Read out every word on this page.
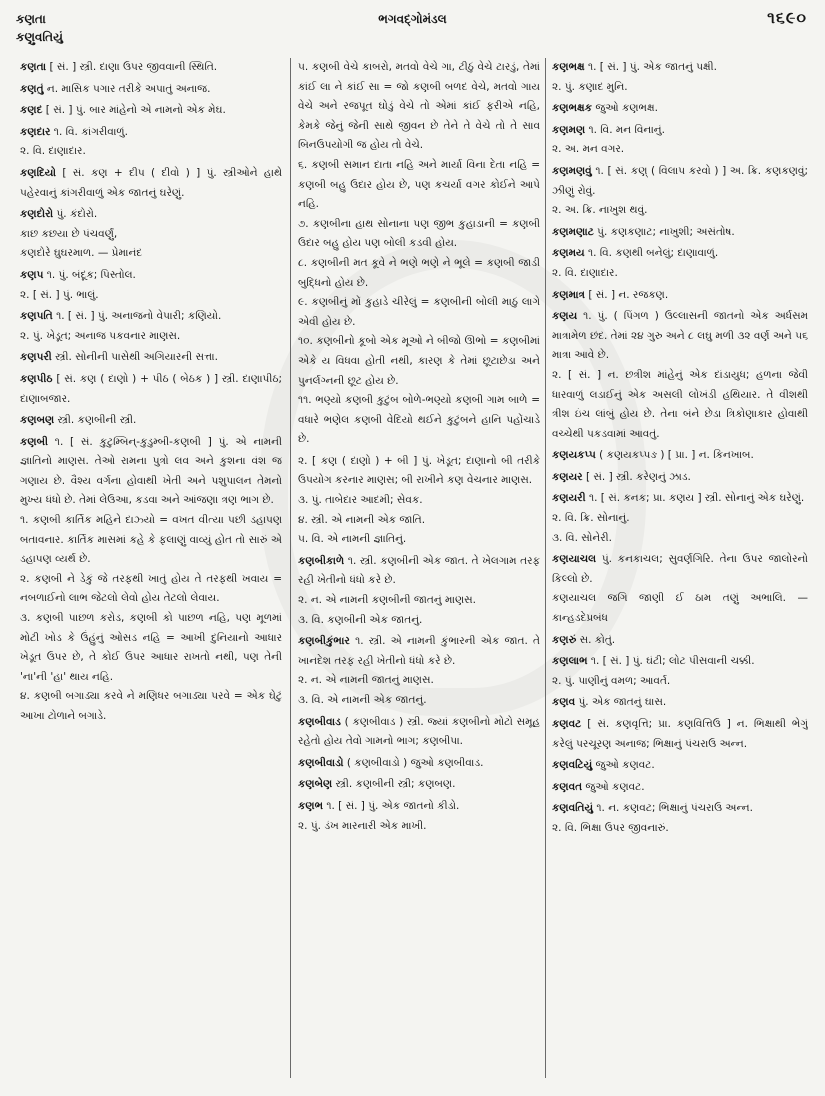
કણતા
કણુવતિયું
ભગવદ્ગોમંડલ	૧૬૯૦

કણતા [ સં. ] સ્ત્રી. દાણા ઉપર જીવવાની સ્થિતિ.

કણતું ન. માસિક પગાર તરીકે અપાતું અનાજ.

કણદ [ સં. ] પું. બાર માંહેનો એ નામનો એક મેઘ.

કણદાર ૧. વિ. કાંગરીવાળું.

૨. વિ. દાણાદાર.

કણદિયો [ સં. કણ + દીપ ( દીવો ) ] પું. સ્ત્રીઓને હાથે પહેરવાનું કાંગરીવાળું એક જાતનું ઘરેણું.

કણદોરો પું. કંદોરો.

કાછ કછયા છે પંચવર્ણું,

કણદોરે ઘુઘરમાળ. — પ્રેમાનંદ

કણપ ૧. પું. બંદૂક; પિસ્તોલ.

૨. [ સં. ] પું. ભાલું.

કણપતિ ૧. [ સં. ] પું. અનાજનો વેપારી; કણિયો.

૨. પું. ખેડૂત; અનાજ પકવનાર માણસ.

કણપરી સ્ત્રી. સોનીની પાસેથી અગિયારની સત્તા.

કણપીઠ [ સં. કણ ( દાણો ) + પીઠ ( બેઠક ) ] સ્ત્રી. દાણાપીઠ; દાણાબજાર.

કણબણ સ્ત્રી. કણબીની સ્ત્રી.

કણબી ૧. [ સં. કુટુમ્બિન્-કુડુમ્બી-કણબી ] પું. એ નામની જ્ઞાતિનો માણસ. તેઓ રામના પુત્રો લવ અને કુશના વંશ જ ગણાય છે. વૈશ્ય વર્ગના હોવાથી ખેતી અને પશુપાલન તેમનો મુખ્ય ધંધો છે. તેમાં લેઉઆ, કડવા અને આંજણા ત્રણ ભાગ છે.

૧. કણબી કાર્તિક મહિને દાઝ્યો = વખત વીત્યા પછી ડહાપણ બતાવનાર. કાર્તિક માસમાં કહે કે ફલાણું વાવ્યું હોત તો સારું એ ડહાપણ વ્યર્થ છે.

૨. કણબી ને ડેકું જે તરફથી ખાતું હોય તે તરફથી ખવાય = નબળાઈનો લાભ જેટલો લેવો હોય તેટલો લેવાય.

૩. કણબી પાછળ કરોડ, કણબી કો પાછળ નહિ, પણ મૂળમાં મોટી ખોડ કે ઉંહુંનું ઓસડ નહિ = આખી દુનિયાનો આધાર ખેડૂત ઉપર છે, તે કોઈ ઉપર આધાર રાખતો નથી, પણ તેની 'ના'ની 'હા' થાય નહિ.

૪. કણબી બગાડ્યા કરવે ને મણિધર બગાડ્યા પરવે = એક ઘેટું આખા ટોળાને બગાડે.

૫. કણબી વેચે કાબરો, મતવો વેચે ગા, ટીઠું વેચે ટારડું, તેમાં કાંઈ લા ને કાંઈ સા = જો કણબી બળદ વેચે, મતવો ગાય વેચે અને રજપૂત ઘોડું વેચે તો એમાં કાંઈ ફરીએ નહિ, કેમકે જેનું જેની સાથે જીવન છે તેને તે વેચે તો તે સાવ બિનઉપયોગી જ હોય તો વેચે.

૬. કણબી સમાન દાતા નહિ અને માર્યા વિના દેતા નહિ = કણબી બહુ ઉદાર હોય છે, પણ કચર્યા વગર કોઈને આપે નહિ.

૭. કણબીના હાથ સોનાના પણ જીભ કુહાડાની = કણબી ઉદાર બહુ હોય પણ બોલી કડવી હોય.

૮. કણબીની મત કૂવે ને ભણે ભણે ને ભૂલે = કણબી જાડી બુદ્ધિનો હોય છે.

૯. કણબીનું મોં કુહાડે ચીરેલું = કણબીની બોલી માઠું લાગે એવી હોય છે.

૧૦. કણબીનો કૂબો એક મૂઓ ને બીજો ઊભો = કણબીમાં એકે ય વિધવા હોતી નથી, કારણ કે તેમાં છૂટાછેડા અને પુનર્લગ્નની છૂટ હોય છે.

૧૧. ભણ્યો કણબી કુટુંબ બોળે-ભણ્યો કણબી ગામ બાળે = વધારે ભણેલ કણબી વેદિયો થઈને કુટુંબને હાનિ પહોંચાડે છે.

૨. [ કણ ( દાણો ) + બી ] પું. ખેડૂત; દાણાનો બી તરીકે ઉપયોગ કરનાર માણસ; બી રાખીને કણ વેચનાર માણસ.

૩. પું. તાબેદાર આદમી; સેવક.

૪. સ્ત્રી. એ નામની એક જાતિ.

૫. વિ. એ નામની જ્ઞાતિનું.

કણબીકાળે ૧. સ્ત્રી. કણબીની એક જાત. તે ખેલગામ તરફ રહી ખેતીનો ધંધો કરે છે.

૨. ન. એ નામની કણબીની જાતનું માણસ.

૩. વિ. કણબીની એક જાતનું.

કણબીકુંભાર ૧. સ્ત્રી. એ નામની કુંભારની એક જાત. તે ખાનદેશ તરફ રહી ખેતીનો ધંધો કરે છે.

૨. ન. એ નામની જાતનું માણસ.

૩. વિ. એ નામની એક જાતનું.

કણબીવાડ ( કણબીવાડ ) સ્ત્રી. જ્યાં કણબીનો મોટો સમૂહ રહેતો હોય તેવો ગામનો ભાગ; કણબીપા.

કણબીવાડો ( કણબીવાડો ) જુઓ કણબીવાડ.

કણબેણ સ્ત્રી. કણબીની સ્ત્રી; કણબણ.

કણભ ૧. [ સં. ] પું. એક જાતનો કીડો.

૨. પું. ડંખ મારનારી એક માખી.

કણભક્ષ ૧. [ સં. ] પું. એક જાતનું પક્ષી.

૨. પું. કણાદ મુનિ.

કણભક્ષક જુઓ કણભક્ષ.

કણમણ ૧. વિ. મન વિનાનું.

૨. અ. મન વગર.

કણમણવું ૧. [ સં. કણ્ ( વિલાપ કરવો ) ] અ. ક્રિ. કણકણવું; ઝીણું રોવું.

૨. અ. ક્રિ. નાખુશ થવું.

કણમણાટ પું. કણકણાટ; નાખુશી; અસંતોષ.

કણમય ૧. વિ. કણથી બનેલું; દાણાવાળું.

૨. વિ. દાણાદાર.

કણમાત્ર [ સં. ] ન. રજકણ.

કણય ૧. પું. ( પિંગળ ) ઉલ્લાસની જાતનો એક અર્ધસમ માત્રામેળ છંદ. તેમાં ૨૪ ગુરુ અને ૮ લઘુ મળી ૩૨ વર્ણ અને ૫૬ માત્રા આવે છે.

૨. [ સં. ] ન. છત્રીશ માંહેનું એક દાંડાયુધ; હળના જેવી ધારવાળું લડાઈનું એક અસલી લોખંડી હથિયાર. તે વીશથી ત્રીશ ઇંચ લાંબું હોય છે. તેના બંને છેડા ત્રિકોણાકાર હોવાથી વચ્ચેથી પકડવામાં આવતું.

કણયકપ્પ ( કણયકપ્પઙ ) [ પ્રા. ] ન. કિનખાબ.

કણયર [ સં. ] સ્ત્રી. કરેણનું ઝાડ.

કણયરી ૧. [ સં. કનક; પ્રા. કણય ] સ્ત્રી. સોનાનું એક ઘરેણું.

૨. વિ. ક્રિ. સોનાનું.

૩. વિ. સોનેરી.

કણયાચલ પું. કનકાચલ; સુવર્ણગિરિ. તેના ઉપર જાલોરનો કિલ્લો છે.

કણયાચલ જગિ જાણી ઈ ઠામ તણું અભાલિ. — કાન્હડદેપ્રબંધ

કણરું સ. કોતું.

કણલાભ ૧. [ સં. ] પું. ઘંટી; લોટ પીસવાની ચક્કી.

૨. પું. પાણીનું વમળ; આવર્ત.

કણવ પું. એક જાતનું ઘાસ.

કણવટ [ સં. કણવૃત્તિ; પ્રા. કણવિત્તિઉ ] ન. ભિક્ષાથી ભેગું કરેલું પરચૂરણ અનાજ; ભિક્ષાનું પંચરાઉ અન્ન.

કણવટિયું જુઓ કણવટ.

કણવત જુઓ કણવટ.

કણવતિયું ૧. ન. કણવટ; ભિક્ષાનું પંચરાઉ અન્ન.

૨. વિ. ભિક્ષા ઉપર જીવનારું.
